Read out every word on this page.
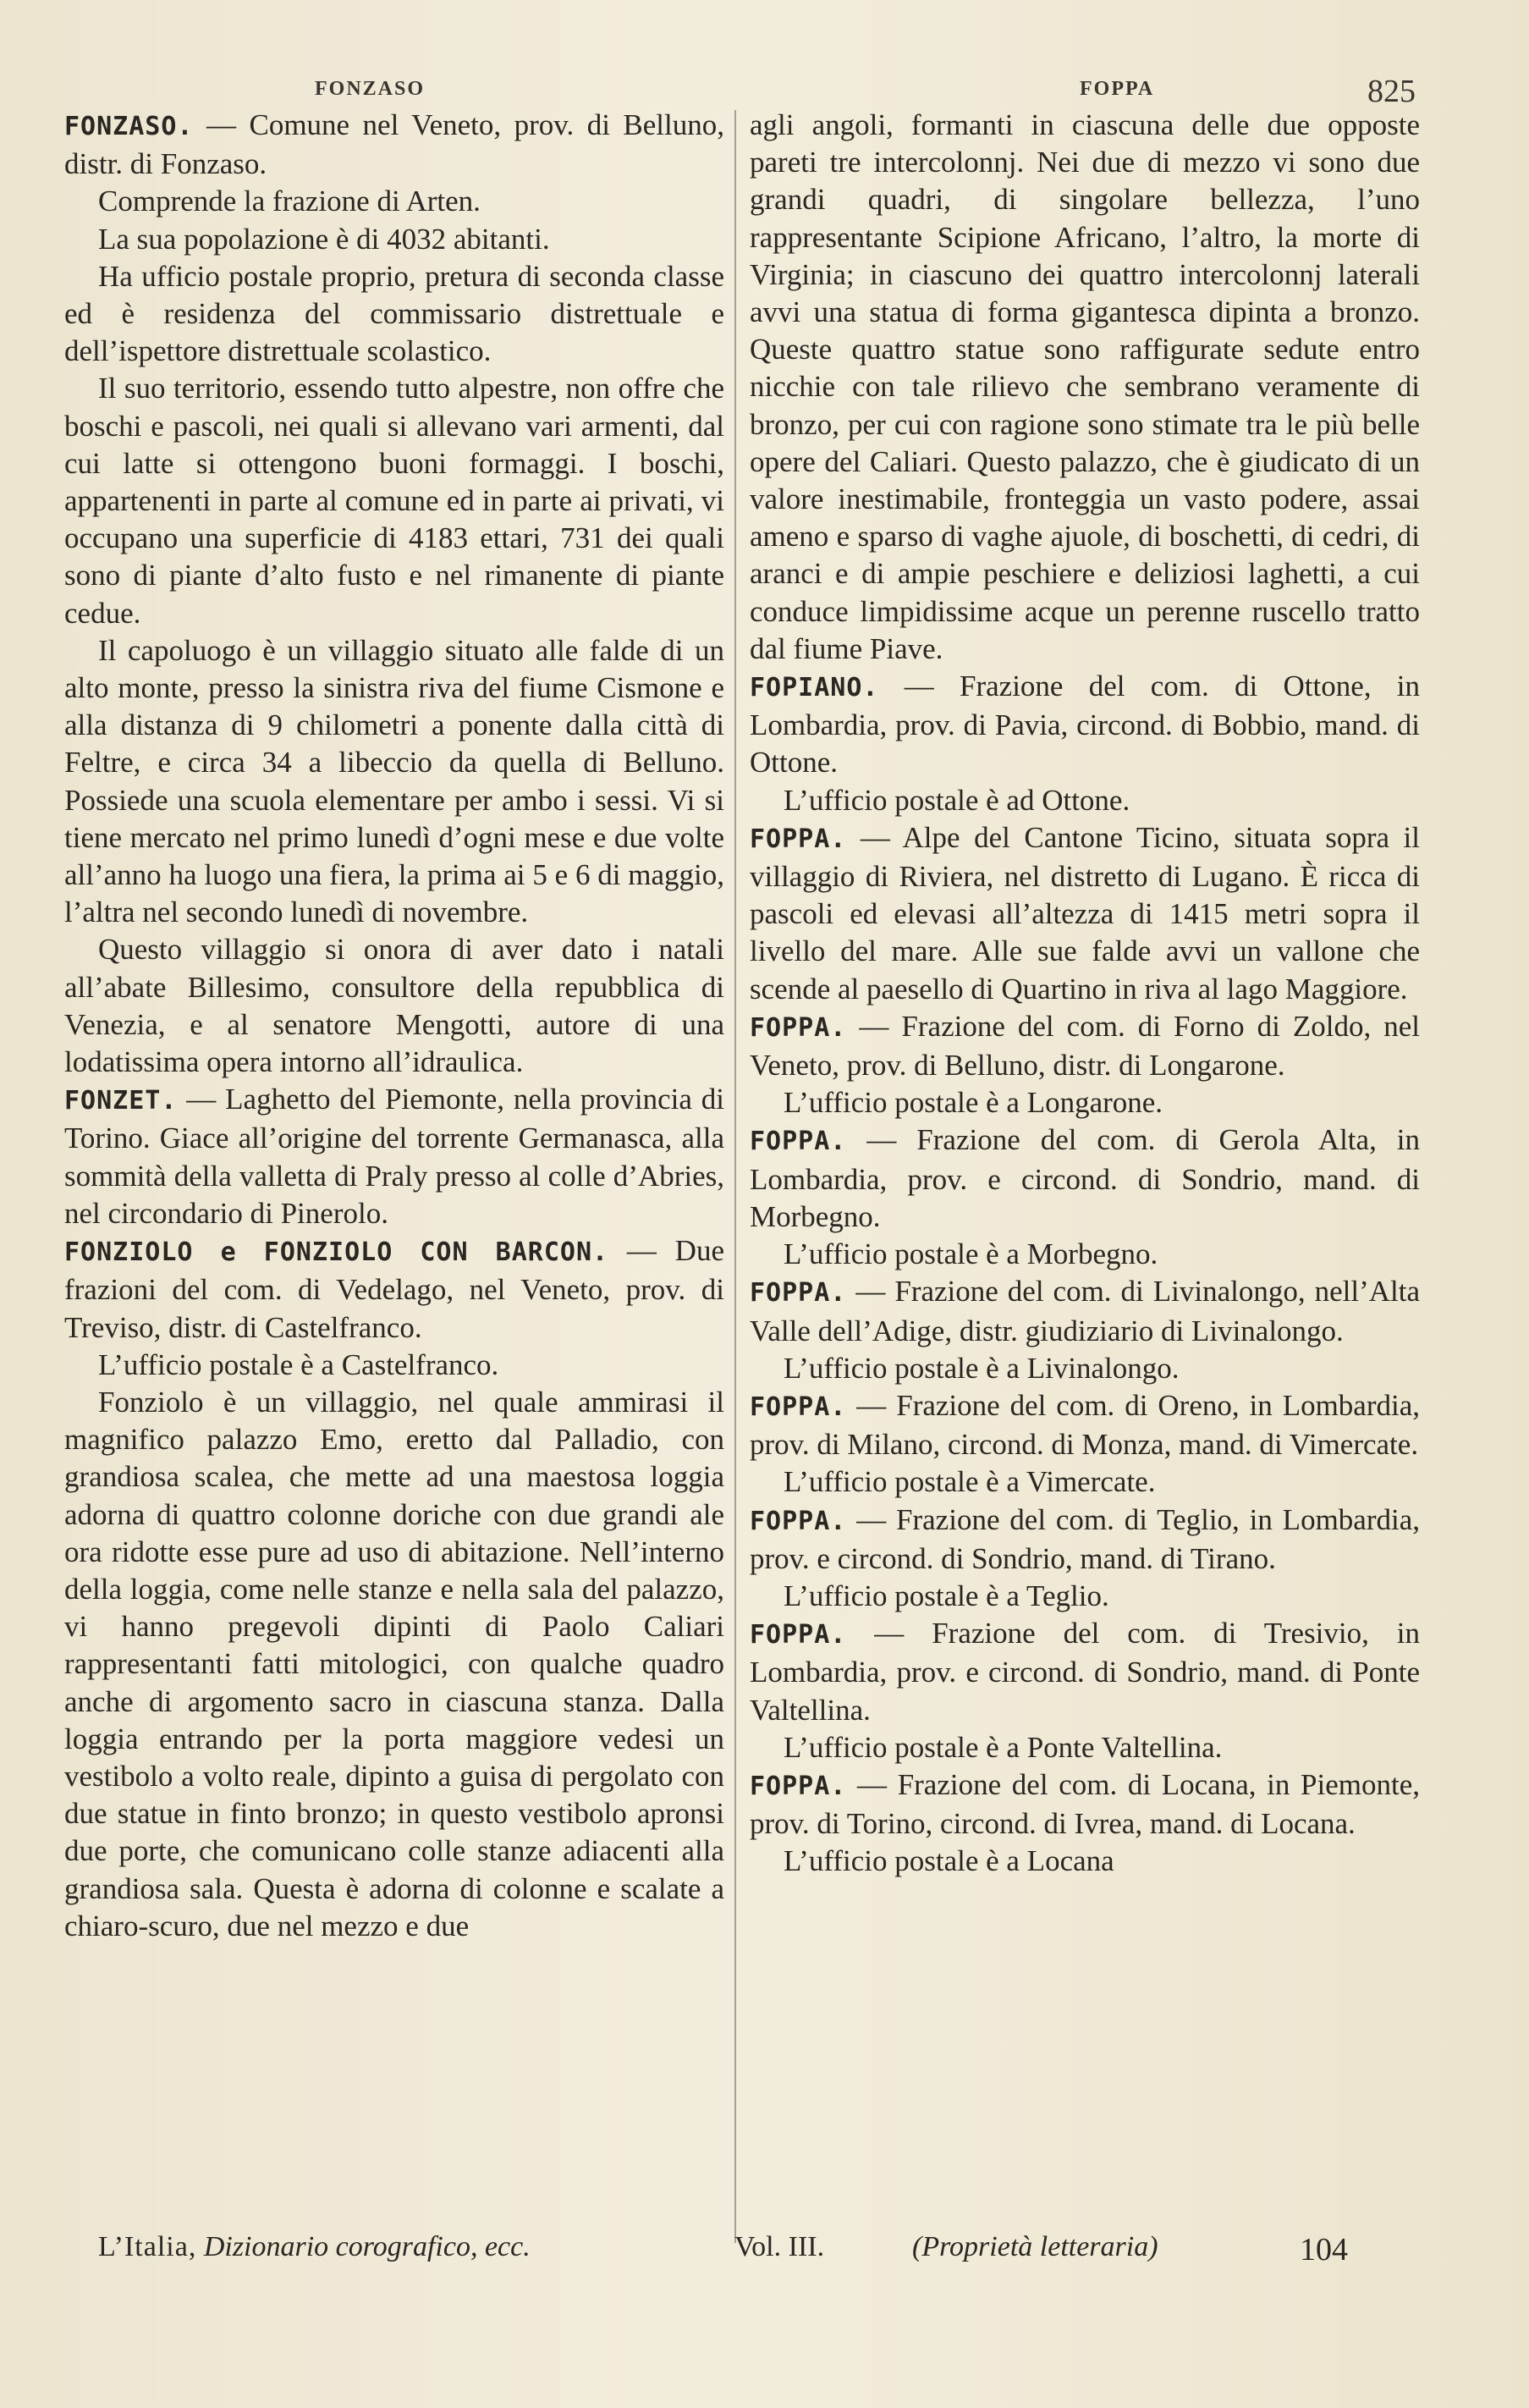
FONZASO	FOPPA	825

FONZASO. — Comune nel Veneto, prov. di Belluno, distr. di Fonzaso.

Comprende la frazione di Arten.

La sua popolazione è di 4032 abitanti.

Ha ufficio postale proprio, pretura di seconda classe ed è residenza del commissario distrettuale e dell’ispettore distrettuale scolastico.

Il suo territorio, essendo tutto alpestre, non offre che boschi e pascoli, nei quali si allevano vari armenti, dal cui latte si ottengono buoni formaggi. I boschi, appartenenti in parte al comune ed in parte ai privati, vi occupano una superficie di 4183 ettari, 731 dei quali sono di piante d’alto fusto e nel rimanente di piante cedue.

Il capoluogo è un villaggio situato alle falde di un alto monte, presso la sinistra riva del fiume Cismone e alla distanza di 9 chilometri a ponente dalla città di Feltre, e circa 34 a libeccio da quella di Belluno. Possiede una scuola elementare per ambo i sessi. Vi si tiene mercato nel primo lunedì d’ogni mese e due volte all’anno ha luogo una fiera, la prima ai 5 e 6 di maggio, l’altra nel secondo lunedì di novembre.

Questo villaggio si onora di aver dato i natali all’abate Billesimo, consultore della repubblica di Venezia, e al senatore Mengotti, autore di una lodatissima opera intorno all’idraulica.

FONZET. — Laghetto del Piemonte, nella provincia di Torino. Giace all’origine del torrente Germanasca, alla sommità della valletta di Praly presso al colle d’Abries, nel circondario di Pinerolo.

FONZIOLO e FONZIOLO CON BARCON. — Due frazioni del com. di Vedelago, nel Veneto, prov. di Treviso, distr. di Castelfranco.

L’ufficio postale è a Castelfranco.

Fonziolo è un villaggio, nel quale ammirasi il magnifico palazzo Emo, eretto dal Palladio, con grandiosa scalea, che mette ad una maestosa loggia adorna di quattro colonne doriche con due grandi ale ora ridotte esse pure ad uso di abitazione. Nell’interno della loggia, come nelle stanze e nella sala del palazzo, vi hanno pregevoli dipinti di Paolo Caliari rappresentanti fatti mitologici, con qualche quadro anche di argomento sacro in ciascuna stanza. Dalla loggia entrando per la porta maggiore vedesi un vestibolo a volto reale, dipinto a guisa di pergolato con due statue in finto bronzo; in questo vestibolo apronsi due porte, che comunicano colle stanze adiacenti alla grandiosa sala. Questa è adorna di colonne e scalate a chiaro-scuro, due nel mezzo e due

agli angoli, formanti in ciascuna delle due opposte pareti tre intercolonnj. Nei due di mezzo vi sono due grandi quadri, di singolare bellezza, l’uno rappresentante Scipione Africano, l’altro, la morte di Virginia; in ciascuno dei quattro intercolonnj laterali avvi una statua di forma gigantesca dipinta a bronzo. Queste quattro statue sono raffigurate sedute entro nicchie con tale rilievo che sembrano veramente di bronzo, per cui con ragione sono stimate tra le più belle opere del Caliari. Questo palazzo, che è giudicato di un valore inestimabile, fronteggia un vasto podere, assai ameno e sparso di vaghe ajuole, di boschetti, di cedri, di aranci e di ampie peschiere e deliziosi laghetti, a cui conduce limpidissime acque un perenne ruscello tratto dal fiume Piave.

FOPIANO. — Frazione del com. di Ottone, in Lombardia, prov. di Pavia, circond. di Bobbio, mand. di Ottone.

L’ufficio postale è ad Ottone.

FOPPA. — Alpe del Cantone Ticino, situata sopra il villaggio di Riviera, nel distretto di Lugano. È ricca di pascoli ed elevasi all’altezza di 1415 metri sopra il livello del mare. Alle sue falde avvi un vallone che scende al paesello di Quartino in riva al lago Maggiore.

FOPPA. — Frazione del com. di Forno di Zoldo, nel Veneto, prov. di Belluno, distr. di Longarone.

L’ufficio postale è a Longarone.

FOPPA. — Frazione del com. di Gerola Alta, in Lombardia, prov. e circond. di Sondrio, mand. di Morbegno.

L’ufficio postale è a Morbegno.

FOPPA. — Frazione del com. di Livinalongo, nell’Alta Valle dell’Adige, distr. giudiziario di Livinalongo.

L’ufficio postale è a Livinalongo.

FOPPA. — Frazione del com. di Oreno, in Lombardia, prov. di Milano, circond. di Monza, mand. di Vimercate.

L’ufficio postale è a Vimercate.

FOPPA. — Frazione del com. di Teglio, in Lombardia, prov. e circond. di Sondrio, mand. di Tirano.

L’ufficio postale è a Teglio.

FOPPA. — Frazione del com. di Tresivio, in Lombardia, prov. e circond. di Sondrio, mand. di Ponte Valtellina.

L’ufficio postale è a Ponte Valtellina.

FOPPA. — Frazione del com. di Locana, in Piemonte, prov. di Torino, circond. di Ivrea, mand. di Locana.

L’ufficio postale è a Locana

L’Italia, Dizionario corografico, ecc.	Vol. III.	(Proprietà letteraria)	104
